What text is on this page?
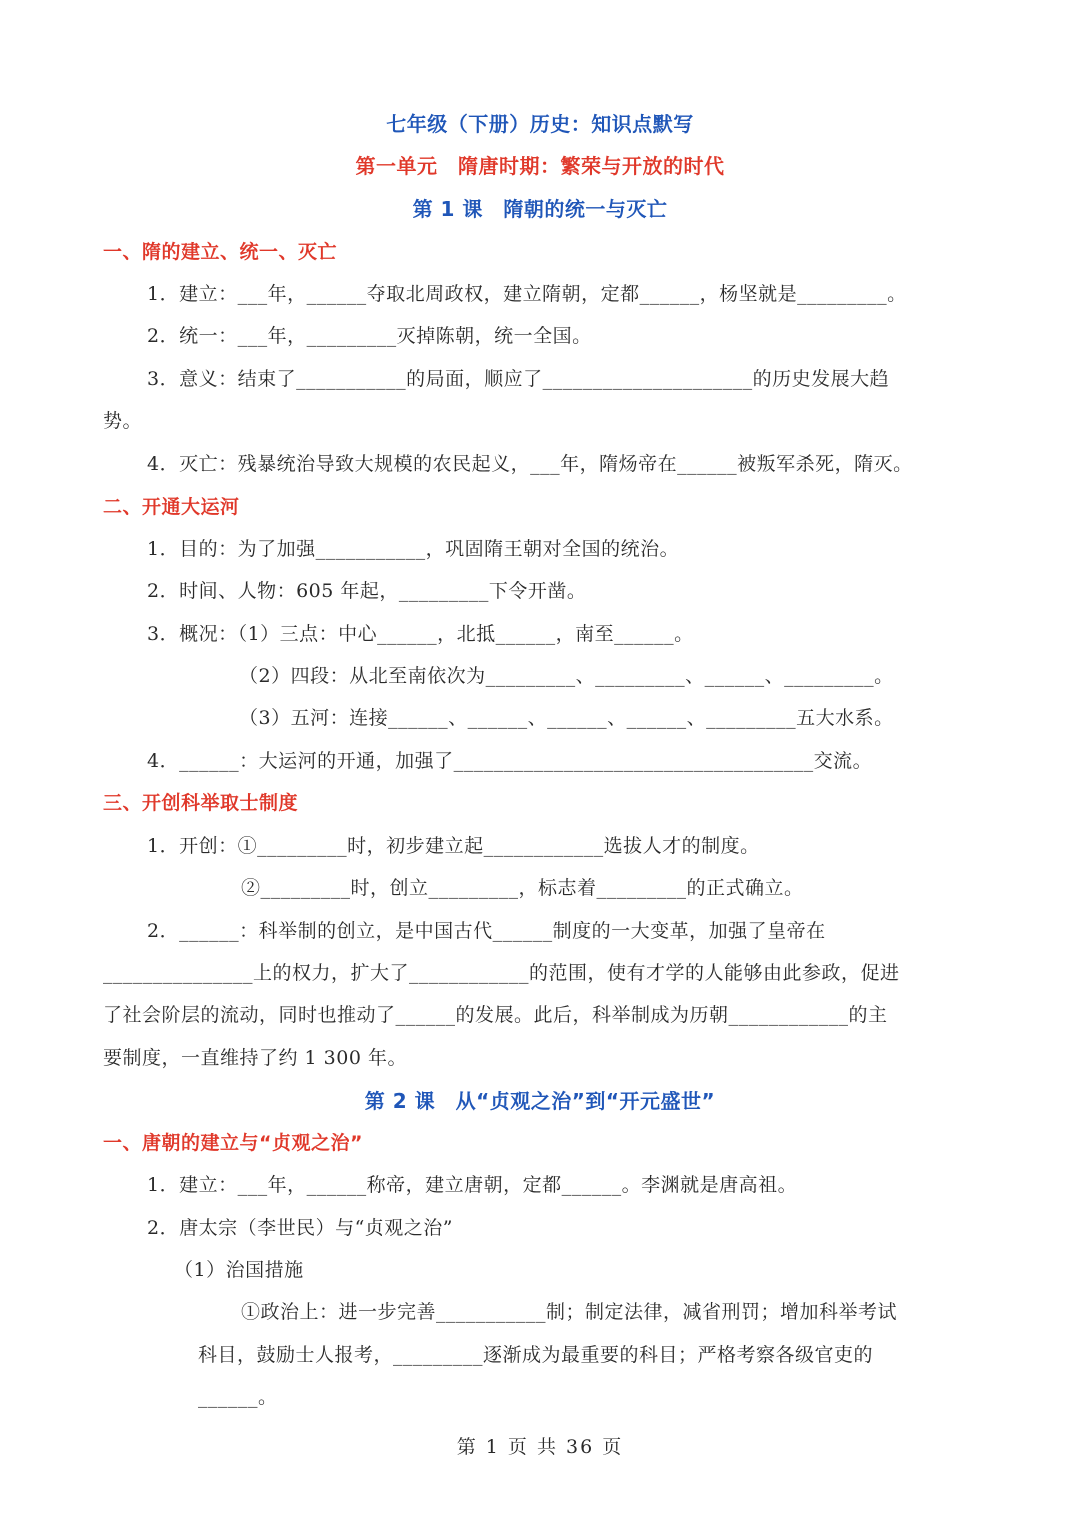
七年级（下册）历史：知识点默写
第一单元　隋唐时期：繁荣与开放的时代
第 1 课　隋朝的统一与灭亡
一、隋的建立、统一、灭亡
1．建立：___年，______夺取北周政权，建立隋朝，定都______，杨坚就是_________。
2．统一：___年，_________灭掉陈朝，统一全国。
3．意义：结束了___________的局面，顺应了_____________________的历史发展大趋
势。
4．灭亡：残暴统治导致大规模的农民起义，___年，隋炀帝在______被叛军杀死，隋灭。
二、开通大运河
1．目的：为了加强___________，巩固隋王朝对全国的统治。
2．时间、人物：605 年起，_________下令开凿。
3．概况：（1）三点：中心______，北抵______，南至______。
（2）四段：从北至南依次为_________、_________、______、_________。
（3）五河：连接______、______、______、______、_________五大水系。
4．______：大运河的开通，加强了____________________________________交流。
三、开创科举取士制度
1．开创：①_________时，初步建立起____________选拔人才的制度。
②_________时，创立_________，标志着_________的正式确立。
2．______：科举制的创立，是中国古代______制度的一大变革，加强了皇帝在
_______________上的权力，扩大了____________的范围，使有才学的人能够由此参政，促进
了社会阶层的流动，同时也推动了______的发展。此后，科举制成为历朝____________的主
要制度，一直维持了约 1 300 年。
第 2 课　从“贞观之治”到“开元盛世”
一、唐朝的建立与“贞观之治”
1．建立：___年，______称帝，建立唐朝，定都______。李渊就是唐高祖。
2．唐太宗（李世民）与“贞观之治”
（1）治国措施
①政治上：进一步完善___________制；制定法律，减省刑罚；增加科举考试
科目，鼓励士人报考，_________逐渐成为最重要的科目；严格考察各级官吏的
______。
第 1 页 共 36 页
